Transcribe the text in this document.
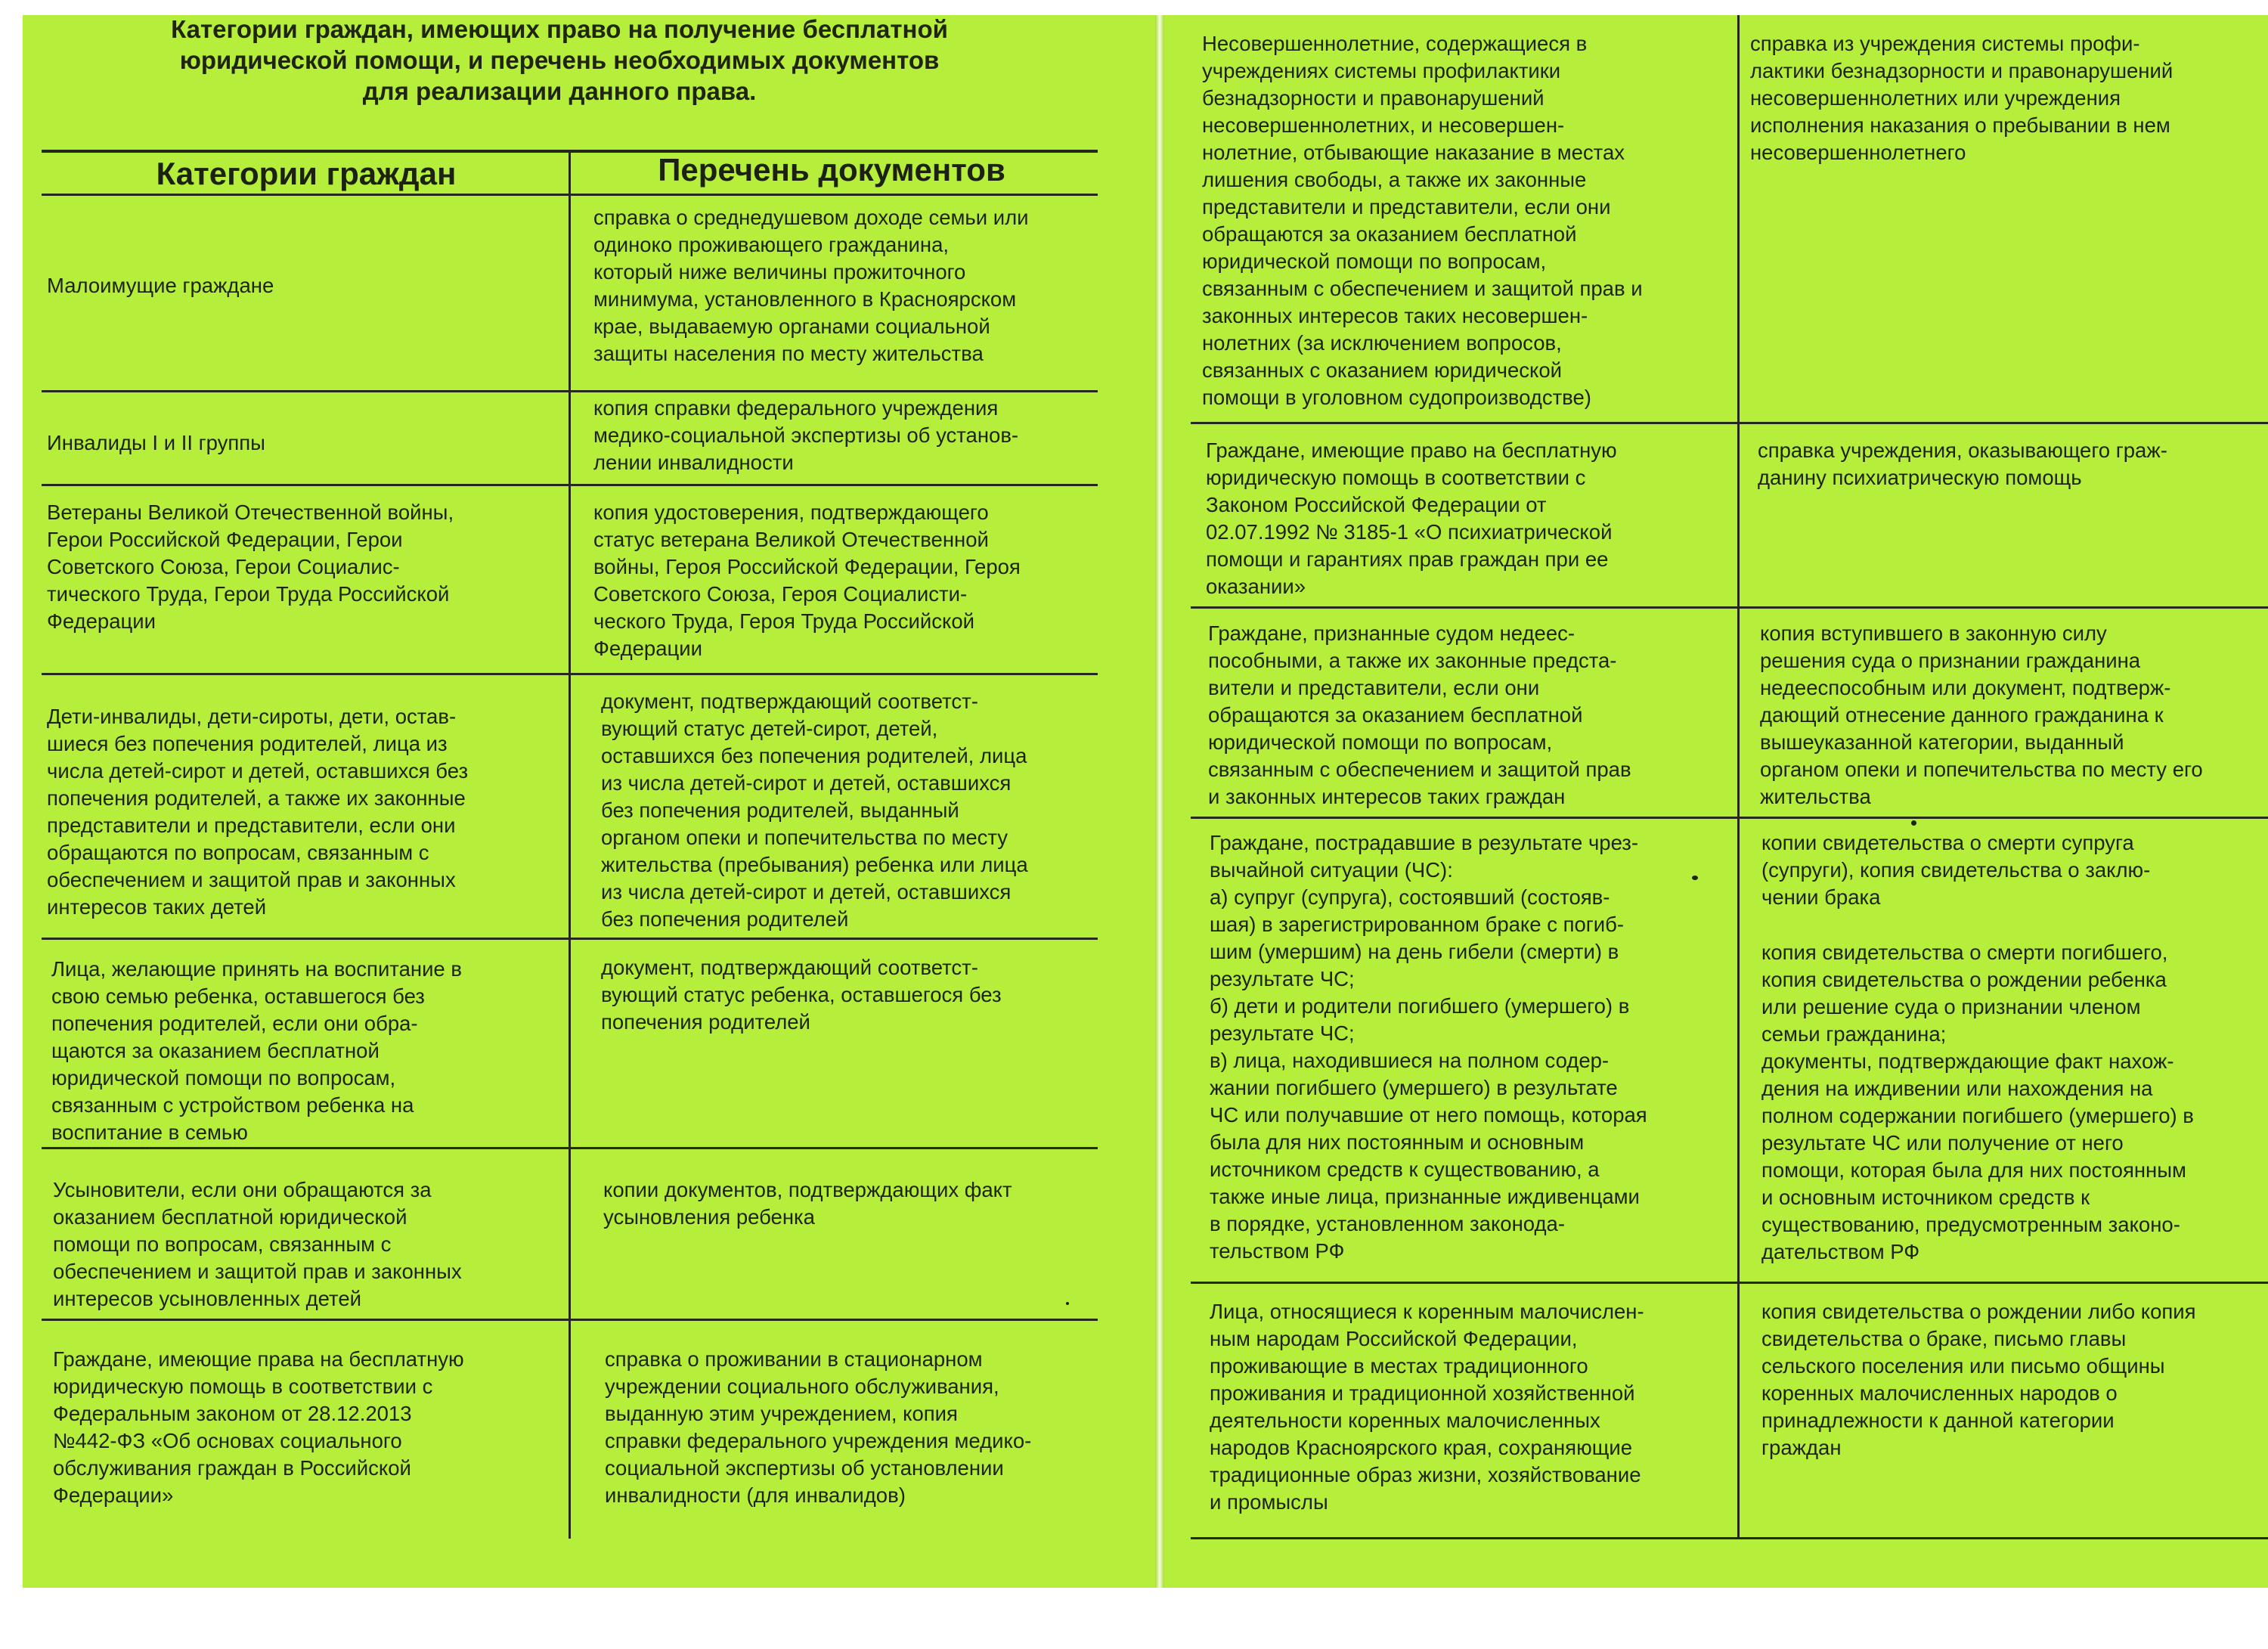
Категории граждан, имеющих право на получение бесплатной
юридической помощи, и перечень необходимых документов
для реализации данного права.
Категории граждан	Перечень документов
Малоимущие граждане
справка о среднедушевом доходе семьи или
одиноко проживающего гражданина,
который ниже величины прожиточного
минимума, установленного в Красноярском
крае, выдаваемую органами социальной
защиты населения по месту жительства
Инвалиды I и II группы
копия справки федерального учреждения
медико-социальной экспертизы об установ-
лении инвалидности
Ветераны Великой Отечественной войны,
Герои Российской Федерации, Герои
Советского Союза, Герои Социалис-
тического Труда, Герои Труда Российской
Федерации
копия удостоверения, подтверждающего
статус ветерана Великой Отечественной
войны, Героя Российской Федерации, Героя
Советского Союза, Героя Социалисти-
ческого Труда, Героя Труда Российской
Федерации
Дети-инвалиды, дети-сироты, дети, остав-
шиеся без попечения родителей, лица из
числа детей-сирот и детей, оставшихся без
попечения родителей, а также их законные
представители и представители, если они
обращаются по вопросам, связанным с
обеспечением и защитой прав и законных
интересов таких детей
документ, подтверждающий соответст-
вующий статус детей-сирот, детей,
оставшихся без попечения родителей, лица
из числа детей-сирот и детей, оставшихся
без попечения родителей, выданный
органом опеки и попечительства по месту
жительства (пребывания) ребенка или лица
из числа детей-сирот и детей, оставшихся
без попечения родителей
Лица, желающие принять на воспитание в
свою семью ребенка, оставшегося без
попечения родителей, если они обра-
щаются за оказанием бесплатной
юридической помощи по вопросам,
связанным с устройством ребенка на
воспитание в семью
документ, подтверждающий соответст-
вующий статус ребенка, оставшегося без
попечения родителей
Усыновители, если они обращаются за
оказанием бесплатной юридической
помощи по вопросам, связанным с
обеспечением и защитой прав и законных
интересов усыновленных детей
копии документов, подтверждающих факт
усыновления ребенка
Граждане, имеющие права на бесплатную
юридическую помощь в соответствии с
Федеральным законом от 28.12.2013
№442-ФЗ «Об основах социального
обслуживания граждан в Российской
Федерации»
справка о проживании в стационарном
учреждении социального обслуживания,
выданную этим учреждением, копия
справки федерального учреждения медико-
социальной экспертизы об установлении
инвалидности (для инвалидов)
Несовершеннолетние, содержащиеся в
учреждениях системы профилактики
безнадзорности и правонарушений
несовершеннолетних, и несовершен-
нолетние, отбывающие наказание в местах
лишения свободы, а также их законные
представители и представители, если они
обращаются за оказанием бесплатной
юридической помощи по вопросам,
связанным с обеспечением и защитой прав и
законных интересов таких несовершен-
нолетних (за исключением вопросов,
связанных с оказанием юридической
помощи в уголовном судопроизводстве)
справка из учреждения системы профи-
лактики безнадзорности и правонарушений
несовершеннолетних или учреждения
исполнения наказания о пребывании в нем
несовершеннолетнего
Граждане, имеющие право на бесплатную
юридическую помощь в соответствии с
Законом Российской Федерации от
02.07.1992 № 3185-1 «О психиатрической
помощи и гарантиях прав граждан при ее
оказании»
справка учреждения, оказывающего граж-
данину психиатрическую помощь
Граждане, признанные судом недеес-
пособными, а также их законные предста-
вители и представители, если они
обращаются за оказанием бесплатной
юридической помощи по вопросам,
связанным с обеспечением и защитой прав
и законных интересов таких граждан
копия вступившего в законную силу
решения суда о признании гражданина
недееспособным или документ, подтверж-
дающий отнесение данного гражданина к
вышеуказанной категории, выданный
органом опеки и попечительства по месту его
жительства
Граждане, пострадавшие в результате чрез-
вычайной ситуации (ЧС):
а) супруг (супруга), состоявший (состояв-
шая) в зарегистрированном браке с погиб-
шим (умершим) на день гибели (смерти) в
результате ЧС;
б) дети и родители погибшего (умершего) в
результате ЧС;
в) лица, находившиеся на полном содер-
жании погибшего (умершего) в результате
ЧС или получавшие от него помощь, которая
была для них постоянным и основным
источником средств к существованию, а
также иные лица, признанные иждивенцами
в порядке, установленном законода-
тельством РФ
копии свидетельства о смерти супруга
(супруги), копия свидетельства о заклю-
чении брака
копия свидетельства о смерти погибшего,
копия свидетельства о рождении ребенка
или решение суда о признании членом
семьи гражданина;
документы, подтверждающие факт нахож-
дения на иждивении или нахождения на
полном содержании погибшего (умершего) в
результате ЧС или получение от него
помощи, которая была для них постоянным
и основным источником средств к
существованию, предусмотренным законо-
дательством РФ
Лица, относящиеся к коренным малочислен-
ным народам Российской Федерации,
проживающие в местах традиционного
проживания и традиционной хозяйственной
деятельности коренных малочисленных
народов Красноярского края, сохраняющие
традиционные образ жизни, хозяйствование
и промыслы
копия свидетельства о рождении либо копия
свидетельства о браке, письмо главы
сельского поселения или письмо общины
коренных малочисленных народов о
принадлежности к данной категории
граждан
